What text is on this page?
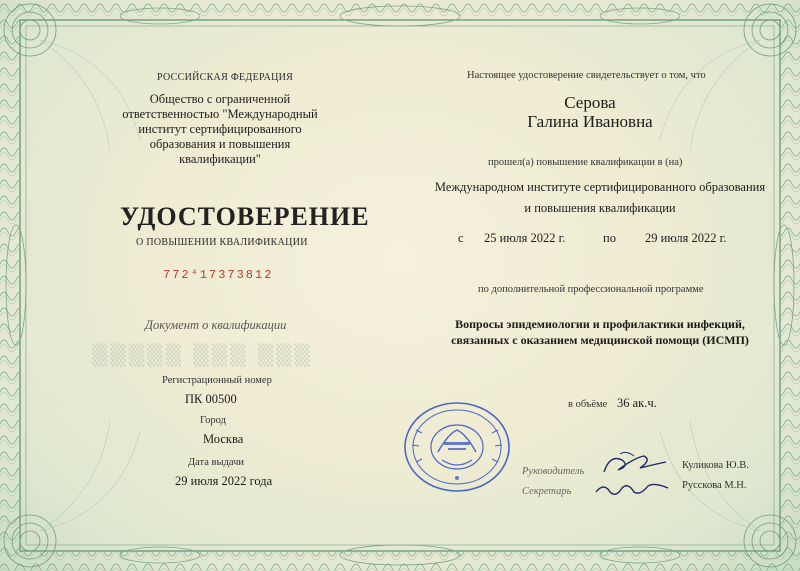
РОССИЙСКАЯ ФЕДЕРАЦИЯ
Общество с ограниченной
ответственностью "Международный
институт сертифицированного
образования и повышения
квалификации"
УДОСТОВЕРЕНИЕ
О ПОВЫШЕНИИ КВАЛИФИКАЦИИ
772⁴17373812
Документ о квалификации
▒▒▒▒▒ ▒▒▒ ▒▒▒
Регистрационный номер
ПК 00500
Город
Москва
Дата выдачи
29 июля 2022 года
Настоящее удостоверение свидетельствует о том, что
Серова
Галина Ивановна
прошел(а) повышение квалификации в (на)
Международном институте сертифицированного образования
и повышения квалификации
с 25 июля 2022 г.	по 29 июля 2022 г.
по дополнительной профессиональной программе
Вопросы эпидемиологии и профилактики инфекций,
связанных с оказанием медицинской помощи (ИСМП)
в объёме 36 ак.ч.
Руководитель
Секретарь
Куликова Ю.В.
Русскова М.Н.
